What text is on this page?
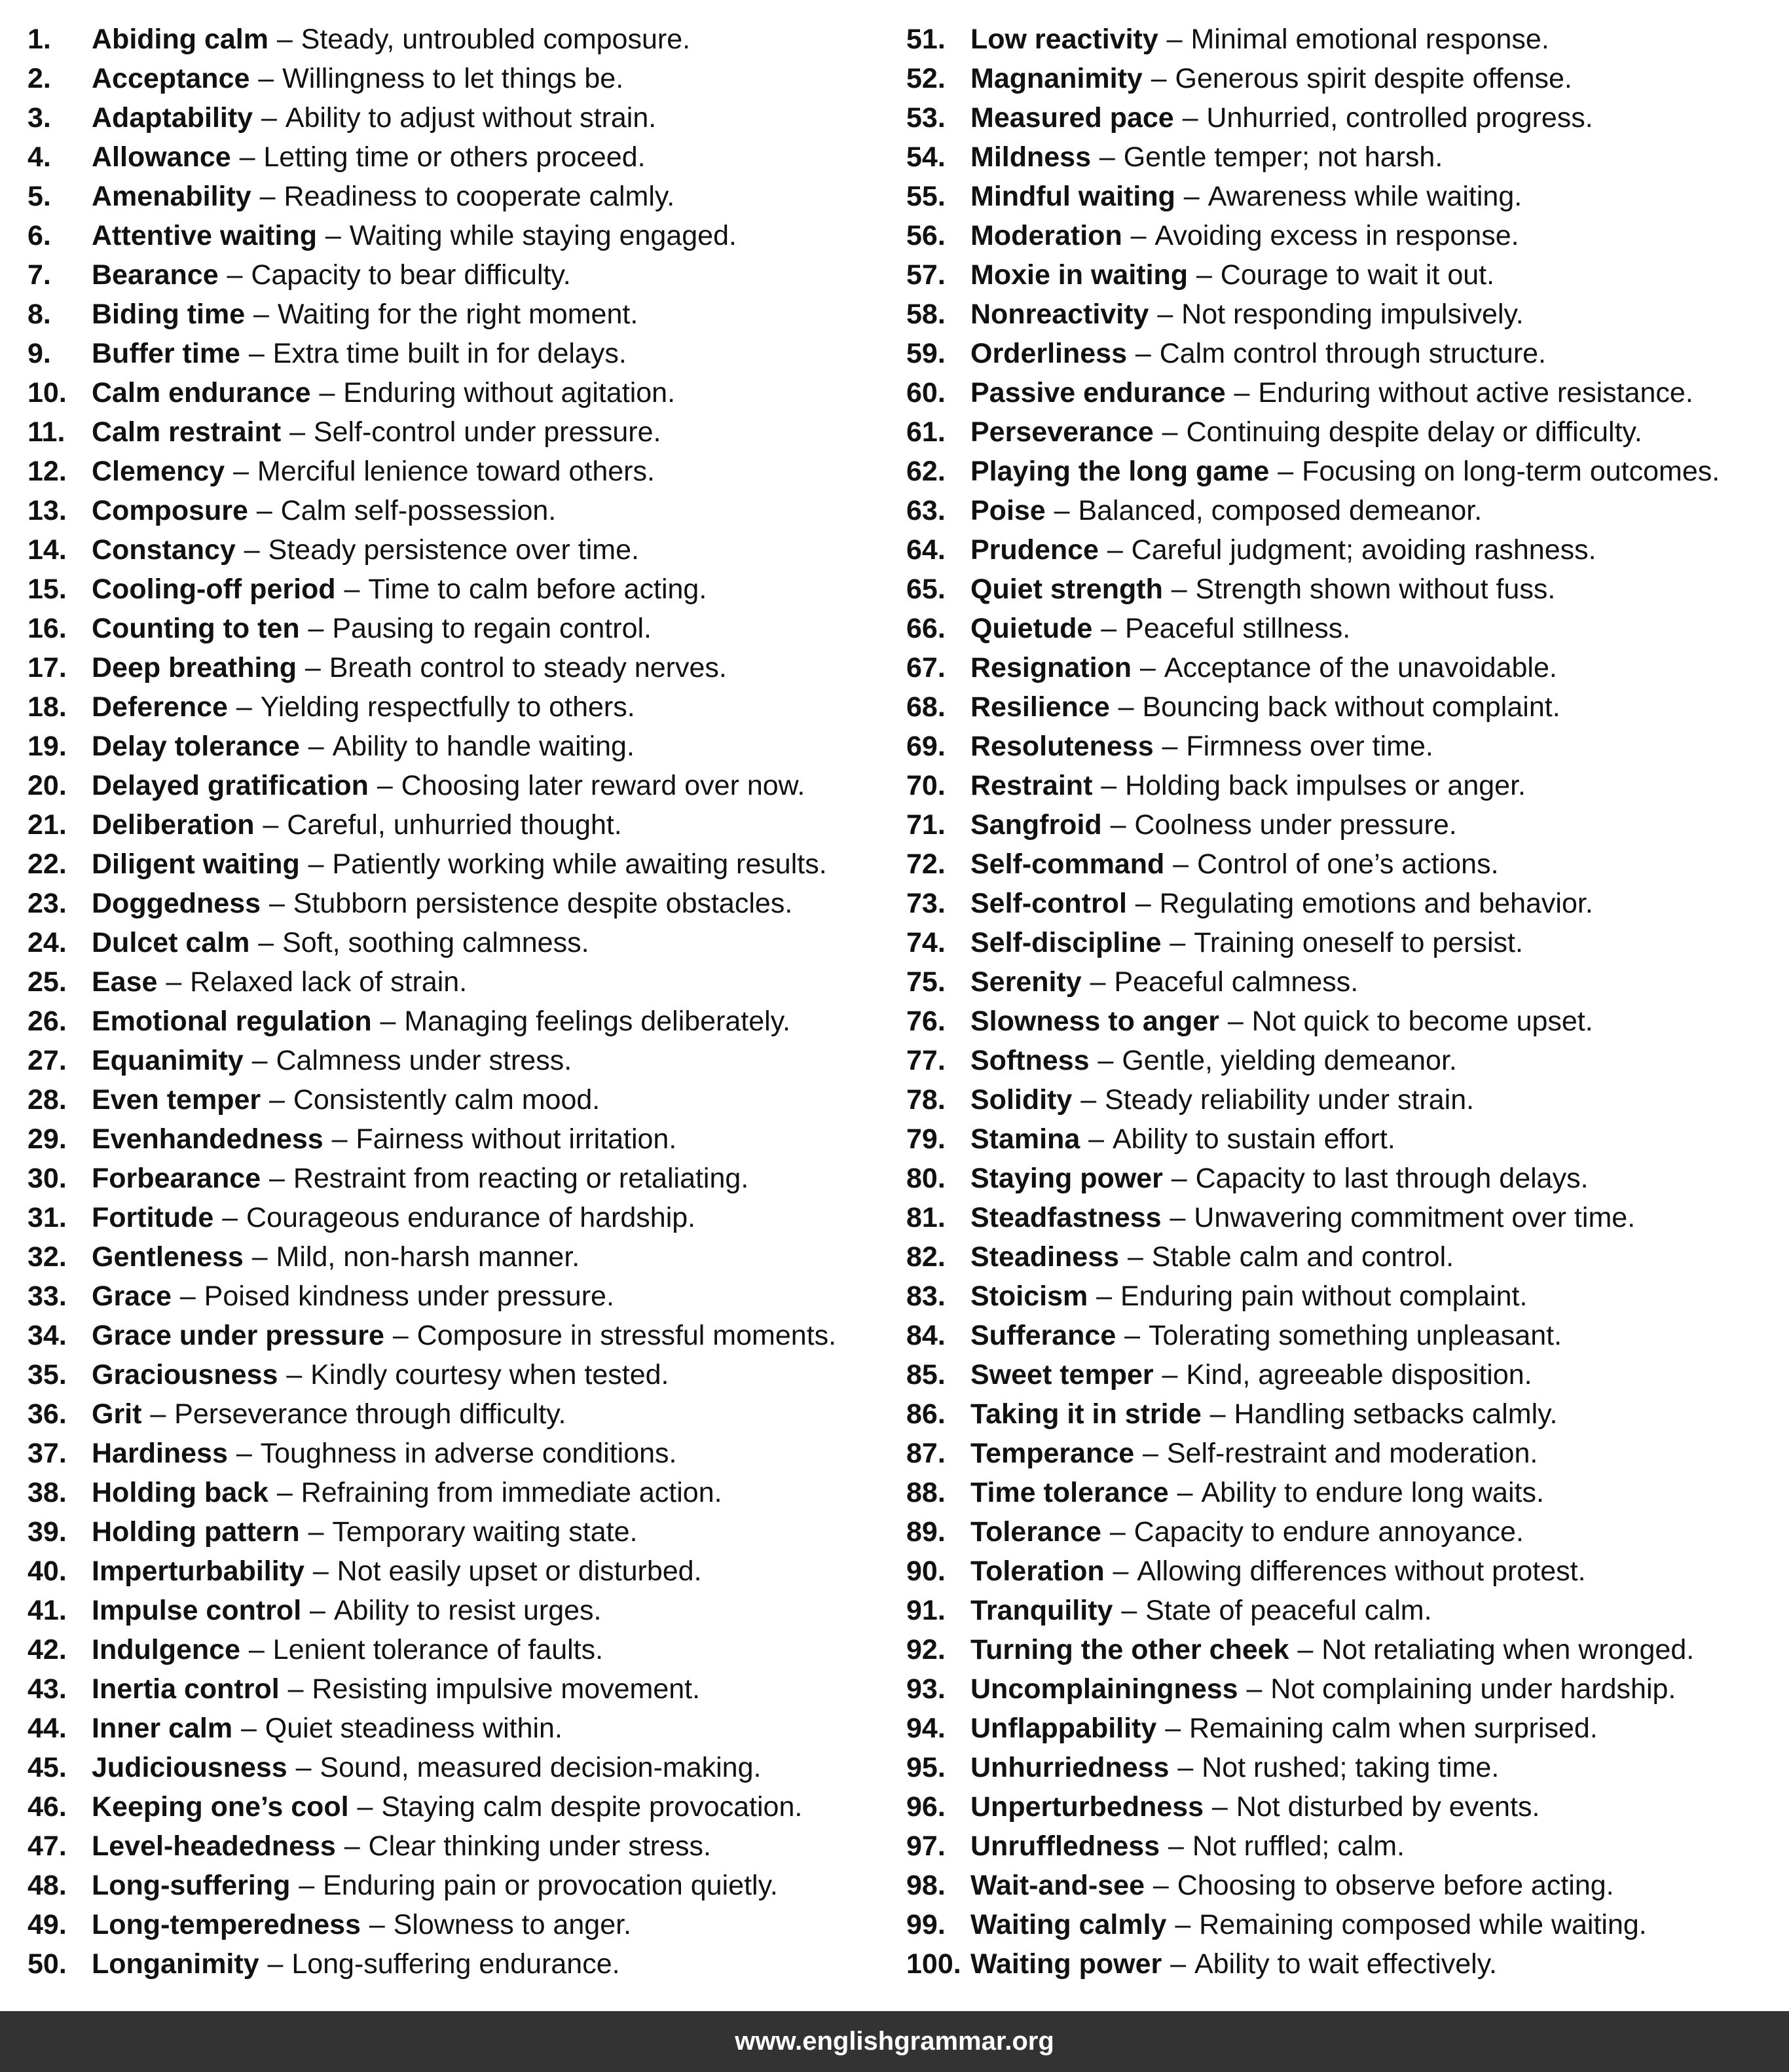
1.	Abiding calm – Steady, untroubled composure.
2.	Acceptance – Willingness to let things be.
3.	Adaptability – Ability to adjust without strain.
4.	Allowance – Letting time or others proceed.
5.	Amenability – Readiness to cooperate calmly.
6.	Attentive waiting – Waiting while staying engaged.
7.	Bearance – Capacity to bear difficulty.
8.	Biding time – Waiting for the right moment.
9.	Buffer time – Extra time built in for delays.
10. Calm endurance – Enduring without agitation.
11. Calm restraint – Self-control under pressure.
12. Clemency – Merciful lenience toward others.
13. Composure – Calm self-possession.
14. Constancy – Steady persistence over time.
15. Cooling-off period – Time to calm before acting.
16. Counting to ten – Pausing to regain control.
17. Deep breathing – Breath control to steady nerves.
18. Deference – Yielding respectfully to others.
19. Delay tolerance – Ability to handle waiting.
20. Delayed gratification – Choosing later reward over now.
21. Deliberation – Careful, unhurried thought.
22. Diligent waiting – Patiently working while awaiting results.
23. Doggedness – Stubborn persistence despite obstacles.
24. Dulcet calm – Soft, soothing calmness.
25. Ease – Relaxed lack of strain.
26. Emotional regulation – Managing feelings deliberately.
27. Equanimity – Calmness under stress.
28. Even temper – Consistently calm mood.
29. Evenhandedness – Fairness without irritation.
30. Forbearance – Restraint from reacting or retaliating.
31. Fortitude – Courageous endurance of hardship.
32. Gentleness – Mild, non-harsh manner.
33. Grace – Poised kindness under pressure.
34. Grace under pressure – Composure in stressful moments.
35. Graciousness – Kindly courtesy when tested.
36. Grit – Perseverance through difficulty.
37. Hardiness – Toughness in adverse conditions.
38. Holding back – Refraining from immediate action.
39. Holding pattern – Temporary waiting state.
40. Imperturbability – Not easily upset or disturbed.
41. Impulse control – Ability to resist urges.
42. Indulgence – Lenient tolerance of faults.
43. Inertia control – Resisting impulsive movement.
44. Inner calm – Quiet steadiness within.
45. Judiciousness – Sound, measured decision-making.
46. Keeping one’s cool – Staying calm despite provocation.
47. Level-headedness – Clear thinking under stress.
48. Long-suffering – Enduring pain or provocation quietly.
49. Long-temperedness – Slowness to anger.
50. Longanimity – Long-suffering endurance.
51. Low reactivity – Minimal emotional response.
52. Magnanimity – Generous spirit despite offense.
53. Measured pace – Unhurried, controlled progress.
54. Mildness – Gentle temper; not harsh.
55. Mindful waiting – Awareness while waiting.
56. Moderation – Avoiding excess in response.
57. Moxie in waiting – Courage to wait it out.
58. Nonreactivity – Not responding impulsively.
59. Orderliness – Calm control through structure.
60. Passive endurance – Enduring without active resistance.
61. Perseverance – Continuing despite delay or difficulty.
62. Playing the long game – Focusing on long-term outcomes.
63. Poise – Balanced, composed demeanor.
64. Prudence – Careful judgment; avoiding rashness.
65. Quiet strength – Strength shown without fuss.
66. Quietude – Peaceful stillness.
67. Resignation – Acceptance of the unavoidable.
68. Resilience – Bouncing back without complaint.
69. Resoluteness – Firmness over time.
70. Restraint – Holding back impulses or anger.
71. Sangfroid – Coolness under pressure.
72. Self-command – Control of one’s actions.
73. Self-control – Regulating emotions and behavior.
74. Self-discipline – Training oneself to persist.
75. Serenity – Peaceful calmness.
76. Slowness to anger – Not quick to become upset.
77. Softness – Gentle, yielding demeanor.
78. Solidity – Steady reliability under strain.
79. Stamina – Ability to sustain effort.
80. Staying power – Capacity to last through delays.
81. Steadfastness – Unwavering commitment over time.
82. Steadiness – Stable calm and control.
83. Stoicism – Enduring pain without complaint.
84. Sufferance – Tolerating something unpleasant.
85. Sweet temper – Kind, agreeable disposition.
86. Taking it in stride – Handling setbacks calmly.
87. Temperance – Self-restraint and moderation.
88. Time tolerance – Ability to endure long waits.
89. Tolerance – Capacity to endure annoyance.
90. Toleration – Allowing differences without protest.
91. Tranquility – State of peaceful calm.
92. Turning the other cheek – Not retaliating when wronged.
93. Uncomplainingness – Not complaining under hardship.
94. Unflappability – Remaining calm when surprised.
95. Unhurriedness – Not rushed; taking time.
96. Unperturbedness – Not disturbed by events.
97. Unruffledness – Not ruffled; calm.
98. Wait-and-see – Choosing to observe before acting.
99. Waiting calmly – Remaining composed while waiting.
100. Waiting power – Ability to wait effectively.
www.englishgrammar.org
